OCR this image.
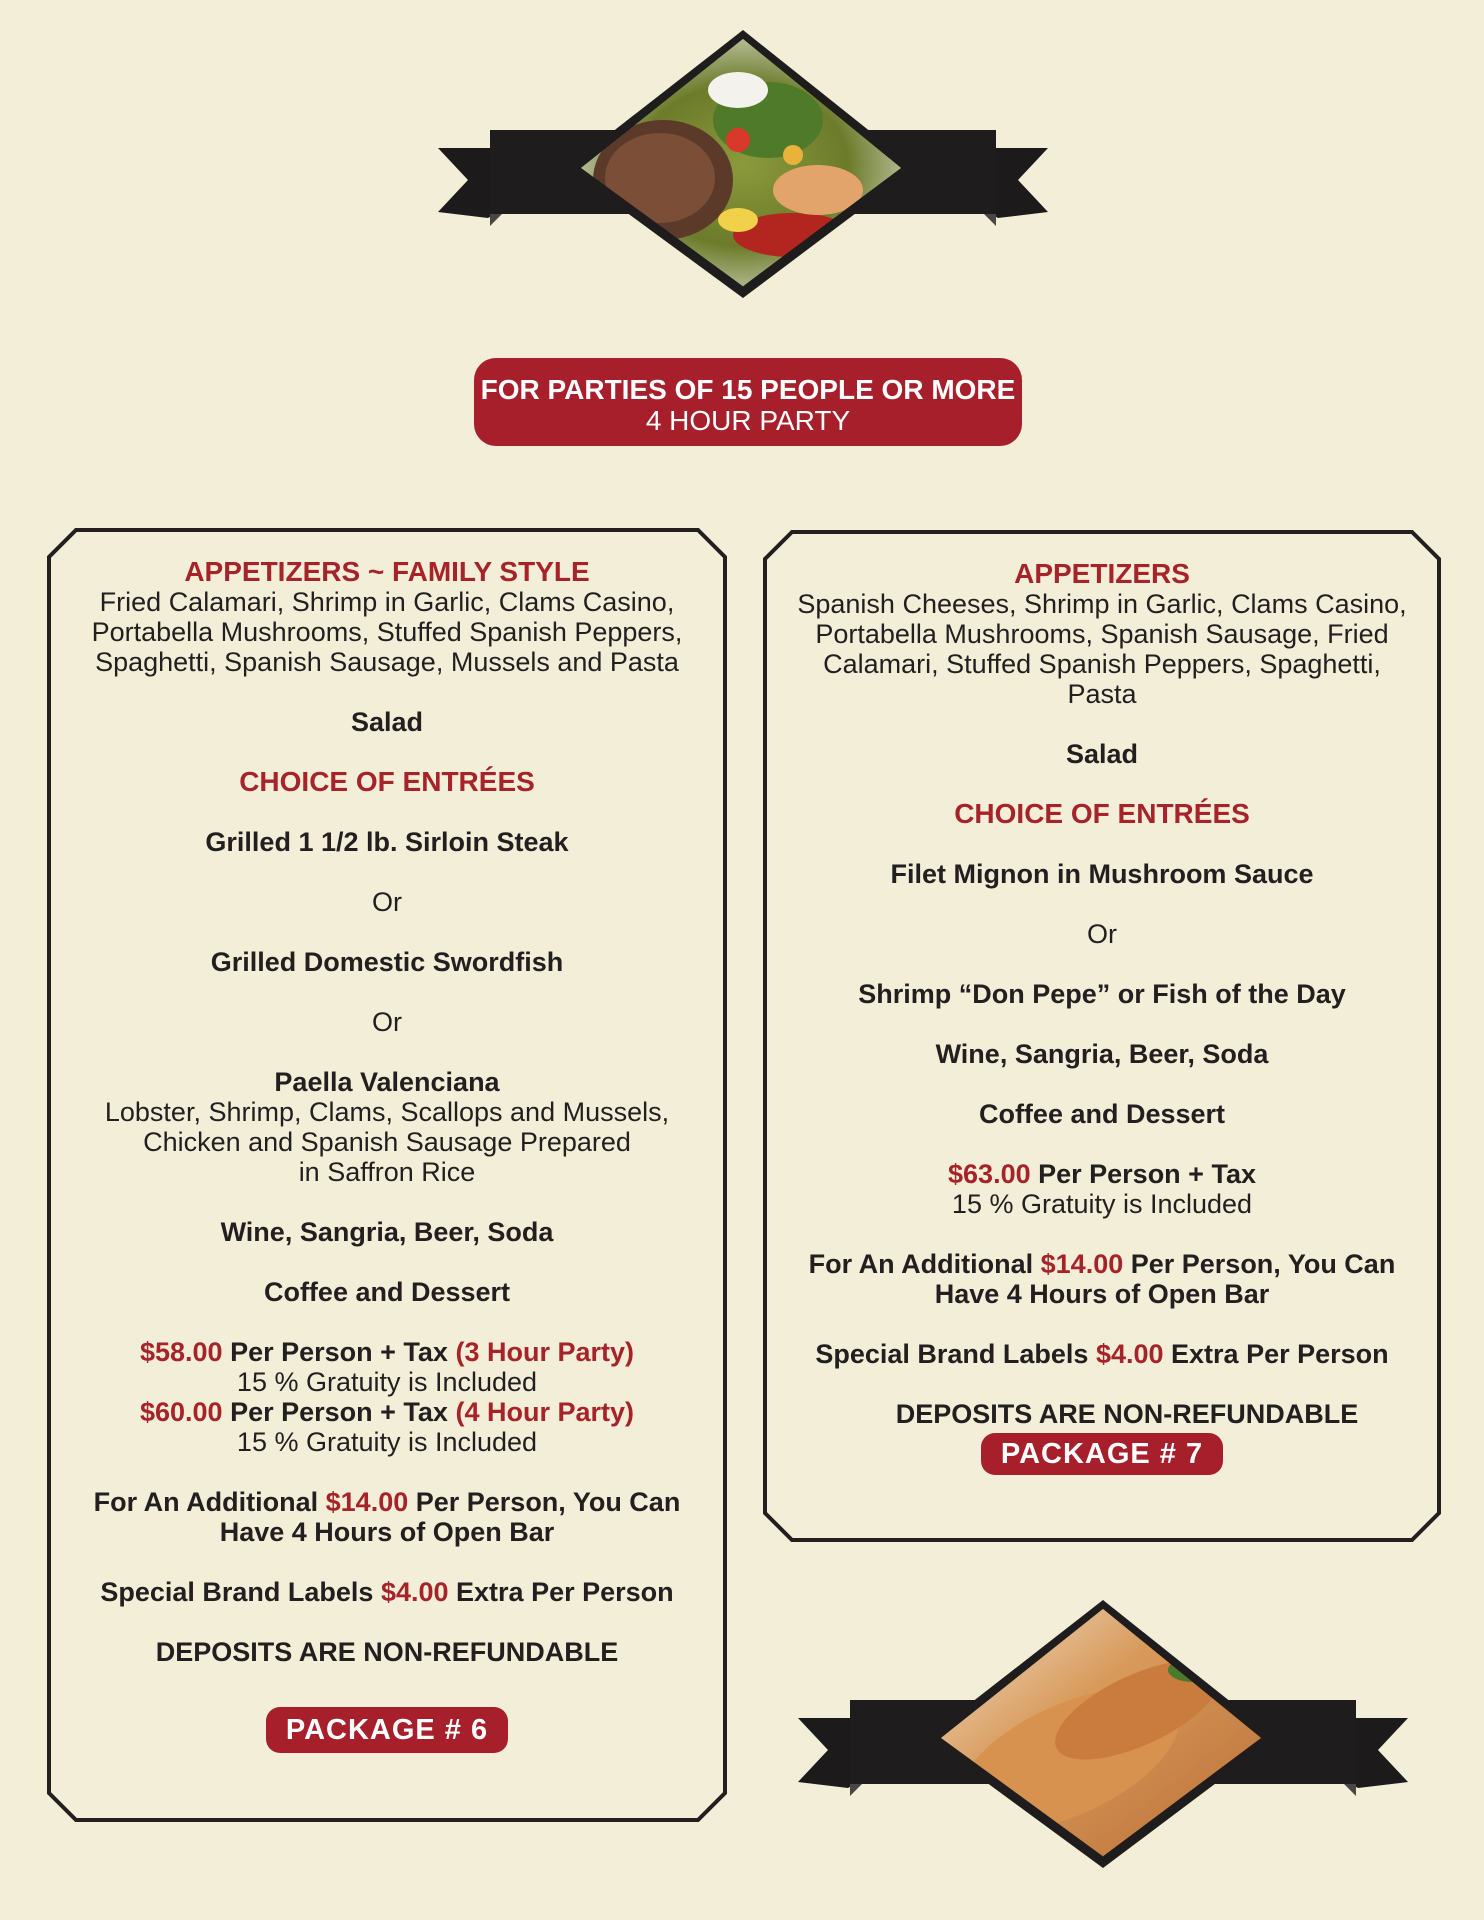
FOR PARTIES OF 15 PEOPLE OR MORE
4 HOUR PARTY
APPETIZERS ~ FAMILY STYLE
Fried Calamari, Shrimp in Garlic, Clams Casino,
Portabella Mushrooms, Stuffed Spanish Peppers,
Spaghetti, Spanish Sausage, Mussels and Pasta
Salad
CHOICE OF ENTRÉES
Grilled 1 1/2 lb. Sirloin Steak
Or
Grilled Domestic Swordfish
Or
Paella Valenciana
Lobster, Shrimp, Clams, Scallops and Mussels,
Chicken and Spanish Sausage Prepared
in Saffron Rice
Wine, Sangria, Beer, Soda
Coffee and Dessert
$58.00 Per Person + Tax (3 Hour Party)
15 % Gratuity is Included
$60.00 Per Person + Tax (4 Hour Party)
15 % Gratuity is Included
For An Additional $14.00 Per Person, You Can
Have 4 Hours of Open Bar
Special Brand Labels $4.00 Extra Per Person
DEPOSITS ARE NON-REFUNDABLE
PACKAGE # 6
APPETIZERS
Spanish Cheeses, Shrimp in Garlic, Clams Casino,
Portabella Mushrooms, Spanish Sausage, Fried
Calamari, Stuffed Spanish Peppers, Spaghetti,
Pasta
Salad
CHOICE OF ENTRÉES
Filet Mignon in Mushroom Sauce
Or
Shrimp “Don Pepe” or Fish of the Day
Wine, Sangria, Beer, Soda
Coffee and Dessert
$63.00 Per Person + Tax
15 % Gratuity is Included
For An Additional $14.00 Per Person, You Can
Have 4 Hours of Open Bar
Special Brand Labels $4.00 Extra Per Person
DEPOSITS ARE NON-REFUNDABLE
PACKAGE # 7
